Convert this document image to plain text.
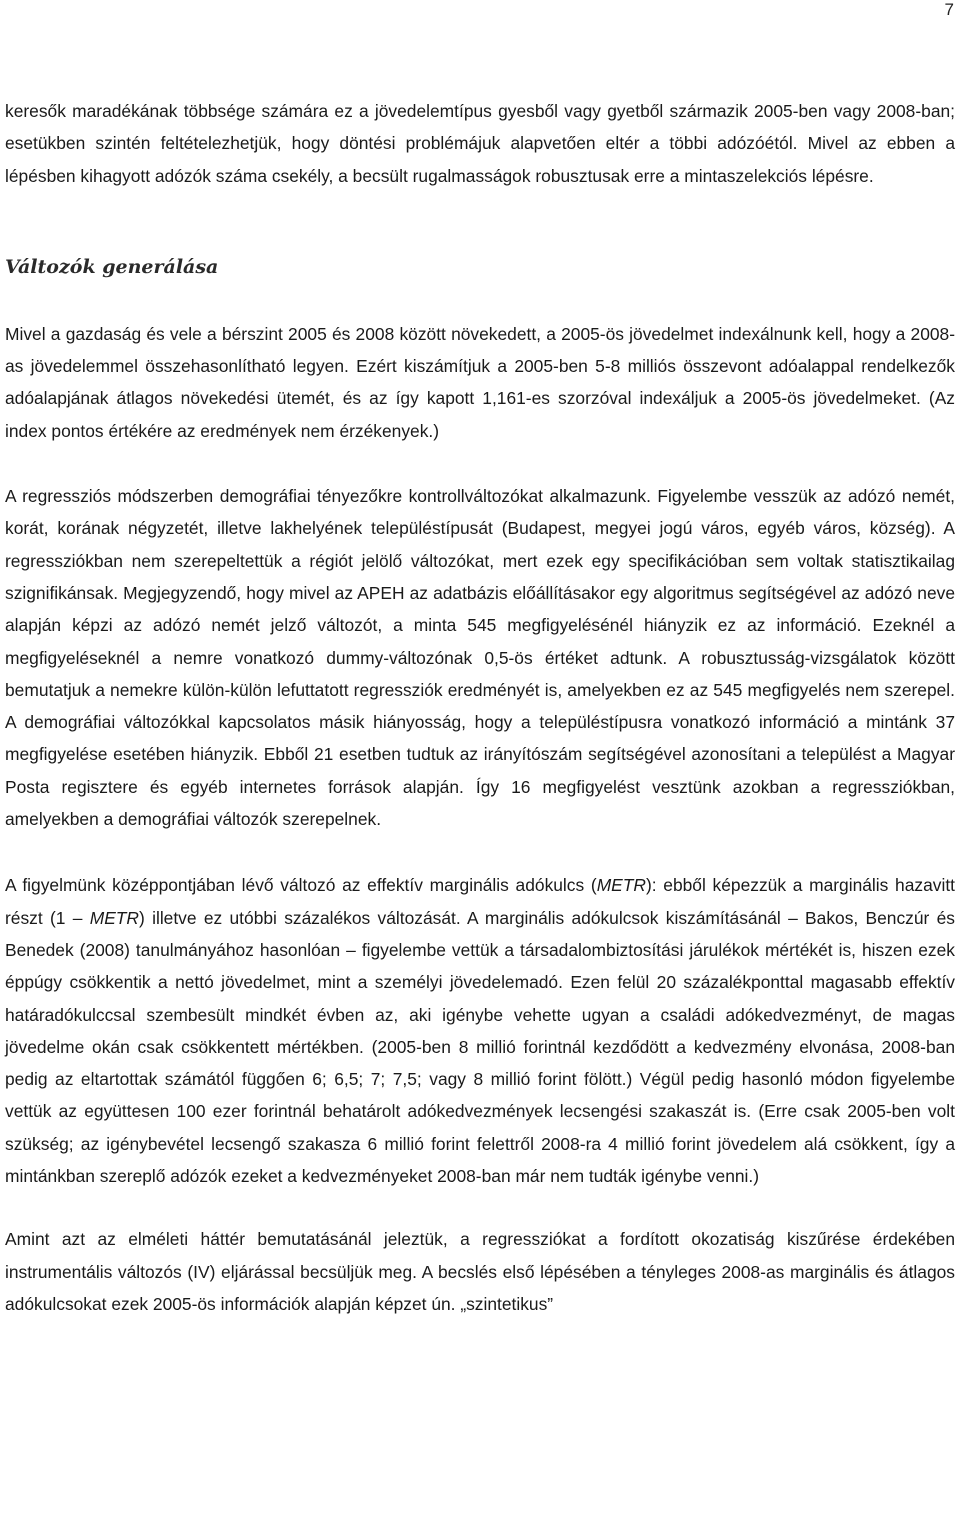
7

keresők maradékának többsége számára ez a jövedelemtípus gyesből vagy gyetből származik 2005-ben vagy 2008-ban; esetükben szintén feltételezhetjük, hogy döntési problémájuk alapvetően eltér a többi adózóétól. Mivel az ebben a lépésben kihagyott adózók száma csekély, a becsült rugalmasságok robusztusak erre a mintaszelekciós lépésre.

Változók generálása

Mivel a gazdaság és vele a bérszint 2005 és 2008 között növekedett, a 2005-ös jövedelmet indexálnunk kell, hogy a 2008-as jövedelemmel összehasonlítható legyen. Ezért kiszámítjuk a 2005-ben 5-8 milliós összevont adóalappal rendelkezők adóalapjának átlagos növekedési ütemét, és az így kapott 1,161-es szorzóval indexáljuk a 2005-ös jövedelmeket. (Az index pontos értékére az eredmények nem érzékenyek.)

A regressziós módszerben demográfiai tényezőkre kontrollváltozókat alkalmazunk. Figyelembe vesszük az adózó nemét, korát, korának négyzetét, illetve lakhelyének településtípusát (Budapest, megyei jogú város, egyéb város, község). A regressziókban nem szerepeltettük a régiót jelölő változókat, mert ezek egy specifikációban sem voltak statisztikailag szignifikánsak. Megjegyzendő, hogy mivel az APEH az adatbázis előállításakor egy algoritmus segítségével az adózó neve alapján képzi az adózó nemét jelző változót, a minta 545 megfigyelésénél hiányzik ez az információ. Ezeknél a megfigyeléseknél a nemre vonatkozó dummy-változónak 0,5-ös értéket adtunk. A robusztusság-vizsgálatok között bemutatjuk a nemekre külön-külön lefuttatott regressziók eredményét is, amelyekben ez az 545 megfigyelés nem szerepel. A demográfiai változókkal kapcsolatos másik hiányosság, hogy a településtípusra vonatkozó információ a mintánk 37 megfigyelése esetében hiányzik. Ebből 21 esetben tudtuk az irányítószám segítségével azonosítani a települést a Magyar Posta regisztere és egyéb internetes források alapján. Így 16 megfigyelést vesztünk azokban a regressziókban, amelyekben a demográfiai változók szerepelnek.

A figyelmünk középpontjában lévő változó az effektív marginális adókulcs (METR): ebből képezzük a marginális hazavitt részt (1 – METR) illetve ez utóbbi százalékos változását. A marginális adókulcsok kiszámításánál – Bakos, Benczúr és Benedek (2008) tanulmányához hasonlóan – figyelembe vettük a társadalombiztosítási járulékok mértékét is, hiszen ezek éppúgy csökkentik a nettó jövedelmet, mint a személyi jövedelemadó. Ezen felül 20 százalékponttal magasabb effektív határadókulccsal szembesült mindkét évben az, aki igénybe vehette ugyan a családi adókedvezményt, de magas jövedelme okán csak csökkentett mértékben. (2005-ben 8 millió forintnál kezdődött a kedvezmény elvonása, 2008-ban pedig az eltartottak számától függően 6; 6,5; 7; 7,5; vagy 8 millió forint fölött.) Végül pedig hasonló módon figyelembe vettük az együttesen 100 ezer forintnál behatárolt adókedvezmények lecsengési szakaszát is. (Erre csak 2005-ben volt szükség; az igénybevétel lecsengő szakasza 6 millió forint felettről 2008-ra 4 millió forint jövedelem alá csökkent, így a mintánkban szereplő adózók ezeket a kedvezményeket 2008-ban már nem tudták igénybe venni.)

Amint azt az elméleti háttér bemutatásánál jeleztük, a regressziókat a fordított okozatiság kiszűrése érdekében instrumentális változós (IV) eljárással becsüljük meg. A becslés első lépésében a tényleges 2008-as marginális és átlagos adókulcsokat ezek 2005-ös információk alapján képzet ún. „szintetikus”
